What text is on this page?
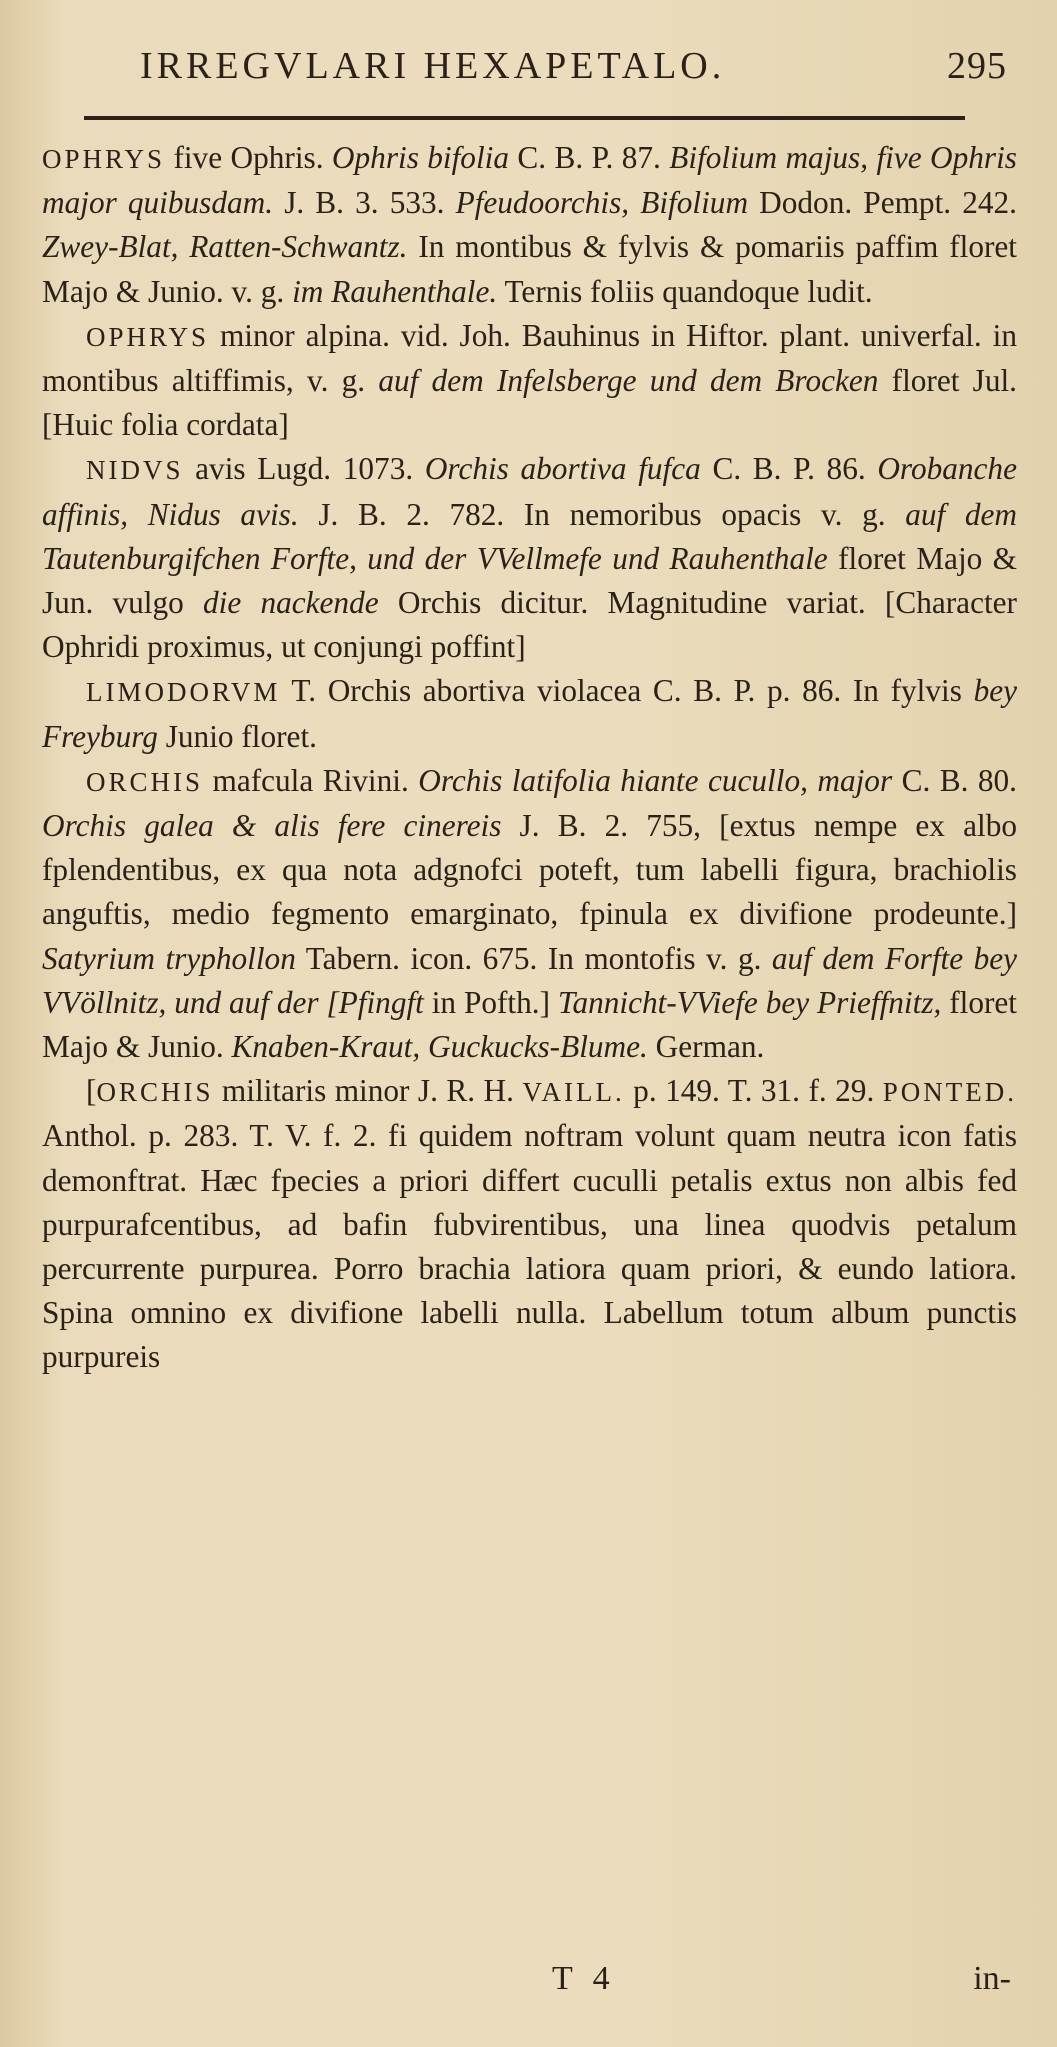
IRREGVLARI HEXAPETALO.	295

OPHRYS five Ophris. Ophris bifolia C. B. P. 87. Bifolium majus, five Ophris major quibusdam. J. B. 3. 533. Pfeudoorchis, Bifolium Dodon. Pempt. 242. Zwey-Blat, Ratten-Schwantz. In montibus & fylvis & pomariis paffim floret Majo & Junio. v. g. im Rauhenthale. Ternis foliis quandoque ludit.

OPHRYS minor alpina. vid. Joh. Bauhinus in Hiftor. plant. univerfal. in montibus altiffimis, v. g. auf dem Infelsberge und dem Brocken floret Jul. [Huic folia cordata]

NIDVS avis Lugd. 1073. Orchis abortiva fufca C. B. P. 86. Orobanche affinis, Nidus avis. J. B. 2. 782. In nemoribus opacis v. g. auf dem Tautenburgifchen Forfte, und der VVellmefe und Rauhenthale floret Majo & Jun. vulgo die nackende Orchis dicitur. Magnitudine variat. [Character Ophridi proximus, ut conjungi poffint]

LIMODORVM T. Orchis abortiva violacea C. B. P. p. 86. In fylvis bey Freyburg Junio floret.

ORCHIS mafcula Rivini. Orchis latifolia hiante cucullo, major C. B. 80. Orchis galea & alis fere cinereis J. B. 2. 755, [extus nempe ex albo fplendentibus, ex qua nota adgnofci poteft, tum labelli figura, brachiolis anguftis, medio fegmento emarginato, fpinula ex divifione prodeunte.] Satyrium tryphollon Tabern. icon. 675. In montofis v. g. auf dem Forfte bey VVöllnitz, und auf der [Pfingft in Pofth.] Tannicht-VViefe bey Prieffnitz, floret Majo & Junio. Knaben-Kraut, Guckucks-Blume. German.

[ORCHIS militaris minor J. R. H. VAILL. p. 149. T. 31. f. 29. PONTED. Anthol. p. 283. T. V. f. 2. fi quidem noftram volunt quam neutra icon fatis demonftrat. Hæc fpecies a priori differt cuculli petalis extus non albis fed purpurafcentibus, ad bafin fubvirentibus, una linea quodvis petalum percurrente purpurea. Porro brachia latiora quam priori, & eundo latiora. Spina omnino ex divifione labelli nulla. Labellum totum album punctis purpureis

T 4	in-
